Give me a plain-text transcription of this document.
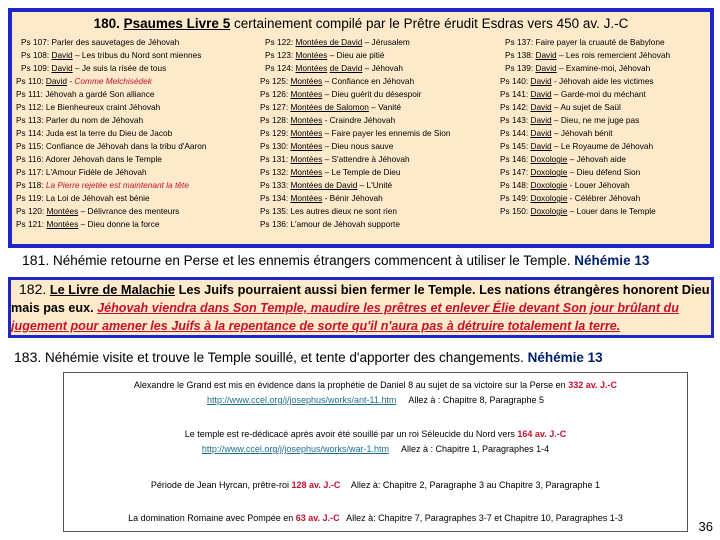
180. Psaumes Livre 5 certainement compilé par le Prêtre érudit Esdras vers 450 av. J.-C
Ps 107: Parler des sauvetages de Jéhovah
Ps 108: David – Les tribus du Nord sont miennes
Ps 109: David – Je suis la risée de tous
Ps 110: David - Comme Melchisédek
Ps 111: Jéhovah a gardé Son alliance
Ps 112: Le Bienheureux craint Jéhovah
Ps 113: Parler du nom de Jéhovah
Ps 114: Juda est la terre du Dieu de Jacob
Ps 115: Confiance de Jéhovah dans la tribu d'Aaron
Ps 116: Adorer Jéhovah dans le Temple
Ps 117: L'Amour Fidèle de Jéhovah
Ps 118: La Pierre rejetée est maintenant la tête
Ps 119: La Loi de Jéhovah est bénie
Ps 120: Montées – Délivrance des menteurs
Ps 121: Montées – Dieu donne la force
Ps 122: Montées de David – Jérusalem
Ps 123: Montées – Dieu aie pitié
Ps 124: Montées de David – Jéhovah
Ps 125: Montées – Confiance en Jéhovah
Ps 126: Montées – Dieu guérit du désespoir
Ps 127: Montées de Salomon – Vanité
Ps 128: Montées - Craindre Jéhovah
Ps 129: Montées – Faire payer les ennemis de Sion
Ps 130: Montées – Dieu nous sauve
Ps 131: Montées – S'attendre à Jéhovah
Ps 132: Montées – Le Temple de Dieu
Ps 133: Montées de David – L'Unité
Ps 134: Montées - Bénir Jéhovah
Ps 135: Les autres dieux ne sont rien
Ps 136: L'amour de Jéhovah supporte
Ps 137: Faire payer la cruauté de Babylone
Ps 138: David – Les rois remercient Jéhovah
Ps 139: David – Examine-moi, Jéhovah
Ps 140: David - Jéhovah aide les victimes
Ps 141: David – Garde-moi du méchant
Ps 142: David – Au sujet de Saül
Ps 143: David – Dieu, ne me juge pas
Ps 144: David – Jéhovah bénit
Ps 145: David – Le Royaume de Jéhovah
Ps 146: Doxologie – Jéhovah aide
Ps 147: Doxologie – Dieu défend Sion
Ps 148: Doxologie - Louer Jéhovah
Ps 149: Doxologie - Célébrer Jéhovah
Ps 150: Doxologie – Louer dans le Temple
181. Néhémie retourne en Perse et les ennemis étrangers commencent à utiliser le Temple. Néhémie 13
182. Le Livre de Malachie Les Juifs pourraient aussi bien fermer le Temple. Les nations étrangères honorent Dieu
mais pas eux. Jéhovah viendra dans Son Temple, maudire les prêtres et enlever Élie devant Son jour brûlant du jugement pour amener les Juifs à la repentance de sorte qu'il n'aura pas à détruire totalement la terre.
183. Néhémie visite et trouve le Temple souillé, et tente d'apporter des changements. Néhémie 13
Alexandre le Grand est mis en évidence dans la prophétie de Daniel 8 au sujet de sa victoire sur la Perse en 332 av. J.-C
http://www.ccel.org/j/josephus/works/ant-11.htm Allez à : Chapitre 8, Paragraphe 5
Le temple est re-dédicacé après avoir été souillé par un roi Séleucide du Nord vers 164 av. J.-C
http://www.ccel.org/j/josephus/works/war-1.htm Allez à : Chapitre 1, Paragraphes 1-4
Période de Jean Hyrcan, prêtre-roi 128 av. J.-C Allez à: Chapitre 2, Paragraphe 3 au Chapitre 3, Paragraphe 1
La domination Romaine avec Pompée en 63 av. J.-C Allez à: Chapitre 7, Paragraphes 3-7 et Chapitre 10, Paragraphes 1-3
36
